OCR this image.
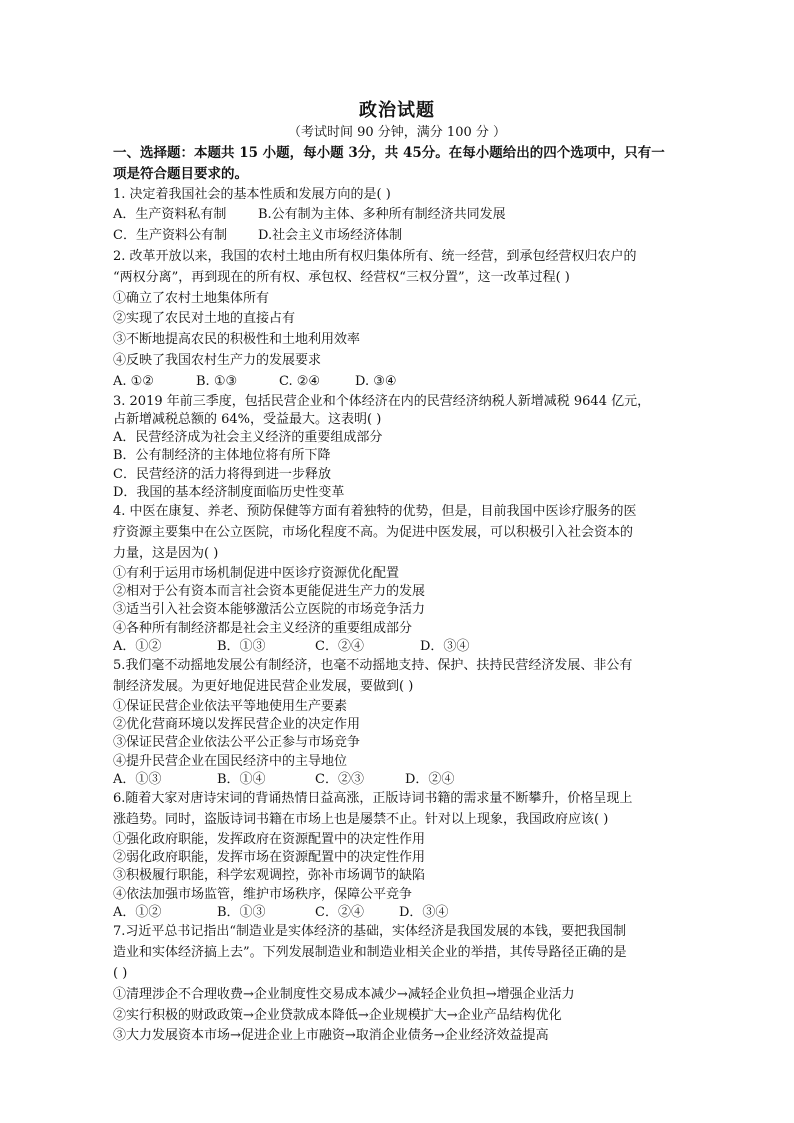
政治试题
（考试时间 90 分钟，满分 100 分 ）
一、选择题：本题共 15 小题，每小题 3分，共 45分。在每小题给出的四个选项中，只有一
项是符合题目要求的。
1. 决定着我国社会的基本性质和发展方向的是( )
A．生产资料私有制	B.公有制为主体、多种所有制经济共同发展
C．生产资料公有制	D.社会主义市场经济体制
2. 改革开放以来，我国的农村土地由所有权归集体所有、统一经营，到承包经营权归农户的
“两权分离”，再到现在的所有权、承包权、经营权“三权分置”，这一改革过程( )
①确立了农村土地集体所有
②实现了农民对土地的直接占有
③不断地提高农民的积极性和土地利用效率
④反映了我国农村生产力的发展要求
A. ①②	B. ①③	C. ②④	D. ③④
3. 2019 年前三季度，包括民营企业和个体经济在内的民营经济纳税人新增减税 9644 亿元，
占新增减税总额的 64%，受益最大。这表明( )
A．民营经济成为社会主义经济的重要组成部分
B．公有制经济的主体地位将有所下降
C．民营经济的活力将得到进一步释放
D．我国的基本经济制度面临历史性变革
4. 中医在康复、养老、预防保健等方面有着独特的优势，但是，目前我国中医诊疗服务的医
疗资源主要集中在公立医院，市场化程度不高。为促进中医发展，可以积极引入社会资本的
力量，这是因为( )
①有利于运用市场机制促进中医诊疗资源优化配置
②相对于公有资本而言社会资本更能促进生产力的发展
③适当引入社会资本能够激活公立医院的市场竞争活力
④各种所有制经济都是社会主义经济的重要组成部分
A．①②	B．①③	C．②④	D．③④
5.我们毫不动摇地发展公有制经济，也毫不动摇地支持、保护、扶持民营经济发展、非公有
制经济发展。为更好地促进民营企业发展，要做到( )
①保证民营企业依法平等地使用生产要素
②优化营商环境以发挥民营企业的决定作用
③保证民营企业依法公平公正参与市场竞争
④提升民营企业在国民经济中的主导地位
A．①③	B．①④	C．②③	D．②④
6.随着大家对唐诗宋词的背诵热情日益高涨，正版诗词书籍的需求量不断攀升，价格呈现上
涨趋势。同时，盗版诗词书籍在市场上也是屡禁不止。针对以上现象，我国政府应该( )
①强化政府职能，发挥政府在资源配置中的决定性作用
②弱化政府职能，发挥市场在资源配置中的决定性作用
③积极履行职能，科学宏观调控，弥补市场调节的缺陷
④依法加强市场监管，维护市场秩序，保障公平竞争
A．①②	B．①③	C．②④	D．③④
7.习近平总书记指出“制造业是实体经济的基础，实体经济是我国发展的本钱，要把我国制
造业和实体经济搞上去”。下列发展制造业和制造业相关企业的举措，其传导路径正确的是
( )
①清理涉企不合理收费→企业制度性交易成本减少→减轻企业负担→增强企业活力
②实行积极的财政政策→企业贷款成本降低→企业规模扩大→企业产品结构优化
③大力发展资本市场→促进企业上市融资→取消企业债务→企业经济效益提高
